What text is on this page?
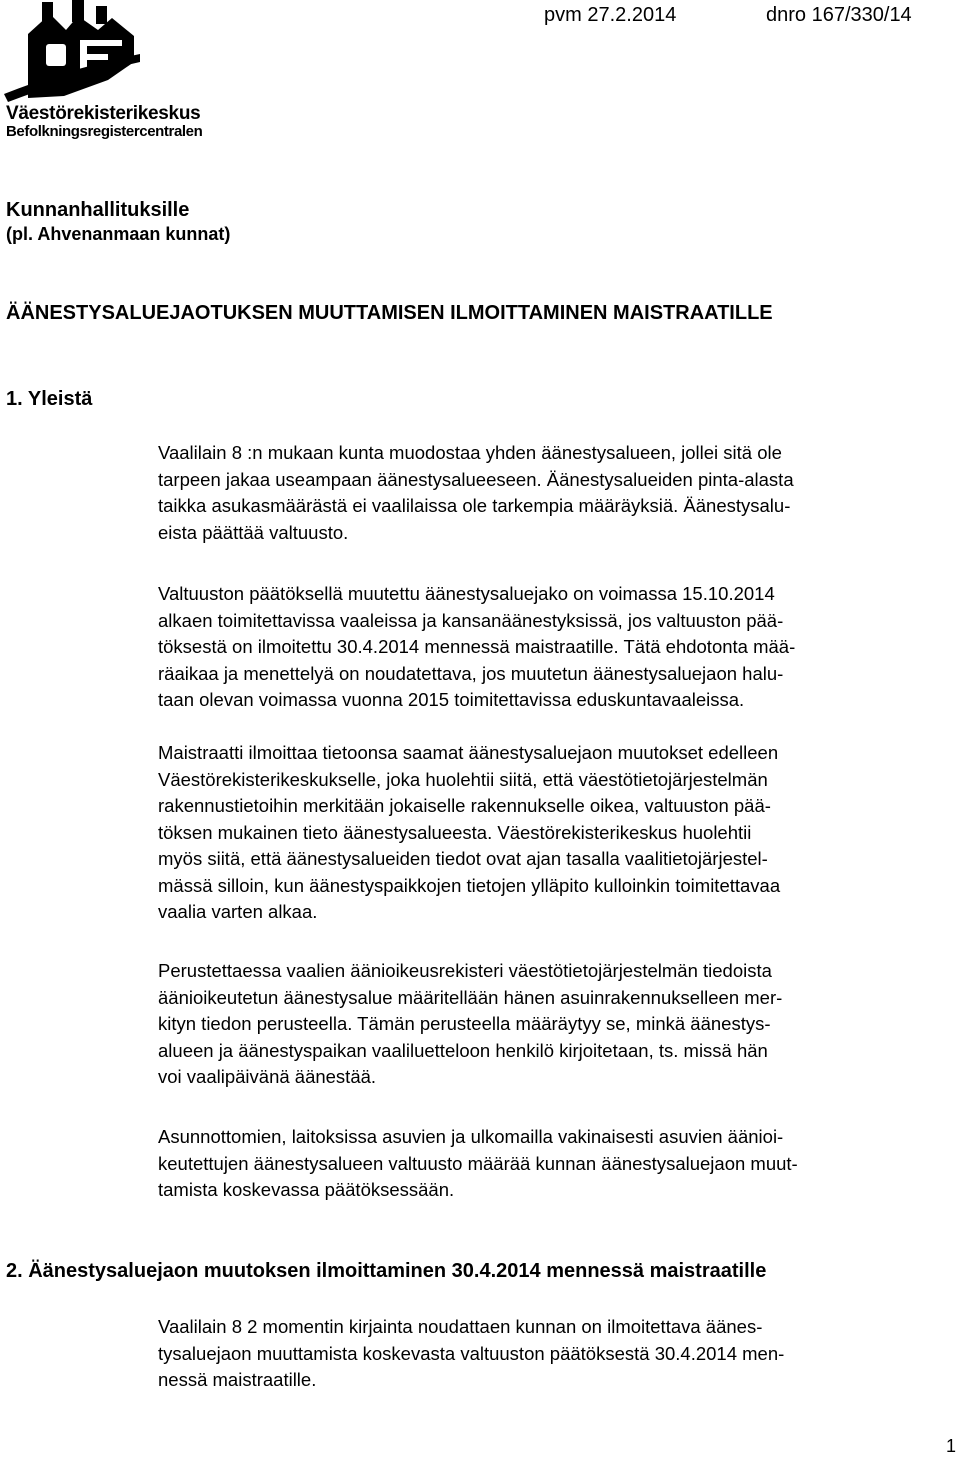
Väestörekisterikeskus
Befolkningsregistercentralen
pvm 27.2.2014	dnro 167/330/14
Kunnanhallituksille
(pl. Ahvenanmaan kunnat)
ÄÄNESTYSALUEJAOTUKSEN MUUTTAMISEN ILMOITTAMINEN MAISTRAATILLE
1. Yleistä
Vaalilain 8 :n mukaan kunta muodostaa yhden äänestysalueen, jollei sitä ole
tarpeen jakaa useampaan äänestysalueeseen. Äänestysalueiden pinta-alasta
taikka asukasmäärästä ei vaalilaissa ole tarkempia määräyksiä. Äänestysalu-
eista päättää valtuusto.
Valtuuston päätöksellä muutettu äänestysaluejako on voimassa 15.10.2014
alkaen toimitettavissa vaaleissa ja kansanäänestyksissä, jos valtuuston pää-
töksestä on ilmoitettu 30.4.2014 mennessä maistraatille. Tätä ehdotonta mää-
räaikaa ja menettelyä on noudatettava, jos muutetun äänestysaluejaon halu-
taan olevan voimassa vuonna 2015 toimitettavissa eduskuntavaaleissa.
Maistraatti ilmoittaa tietoonsa saamat äänestysaluejaon muutokset edelleen
Väestörekisterikeskukselle, joka huolehtii siitä, että väestötietojärjestelmän
rakennustietoihin merkitään jokaiselle rakennukselle oikea, valtuuston pää-
töksen mukainen tieto äänestysalueesta. Väestörekisterikeskus huolehtii
myös siitä, että äänestysalueiden tiedot ovat ajan tasalla vaalitietojärjestel-
mässä silloin, kun äänestyspaikkojen tietojen ylläpito kulloinkin toimitettavaa
vaalia varten alkaa.
Perustettaessa vaalien äänioikeusrekisteri väestötietojärjestelmän tiedoista
äänioikeutetun äänestysalue määritellään hänen asuinrakennukselleen mer-
kityn tiedon perusteella. Tämän perusteella määräytyy se, minkä äänestys-
alueen ja äänestyspaikan vaaliluetteloon henkilö kirjoitetaan, ts. missä hän
voi vaalipäivänä äänestää.
Asunnottomien, laitoksissa asuvien ja ulkomailla vakinaisesti asuvien äänioi-
keutettujen äänestysalueen valtuusto määrää kunnan äänestysaluejaon muut-
tamista koskevassa päätöksessään.
2. Äänestysaluejaon muutoksen ilmoittaminen 30.4.2014 mennessä maistraatille
Vaalilain 8 2 momentin kirjainta noudattaen kunnan on ilmoitettava äänes-
tysaluejaon muuttamista koskevasta valtuuston päätöksestä 30.4.2014 men-
nessä maistraatille.
1
